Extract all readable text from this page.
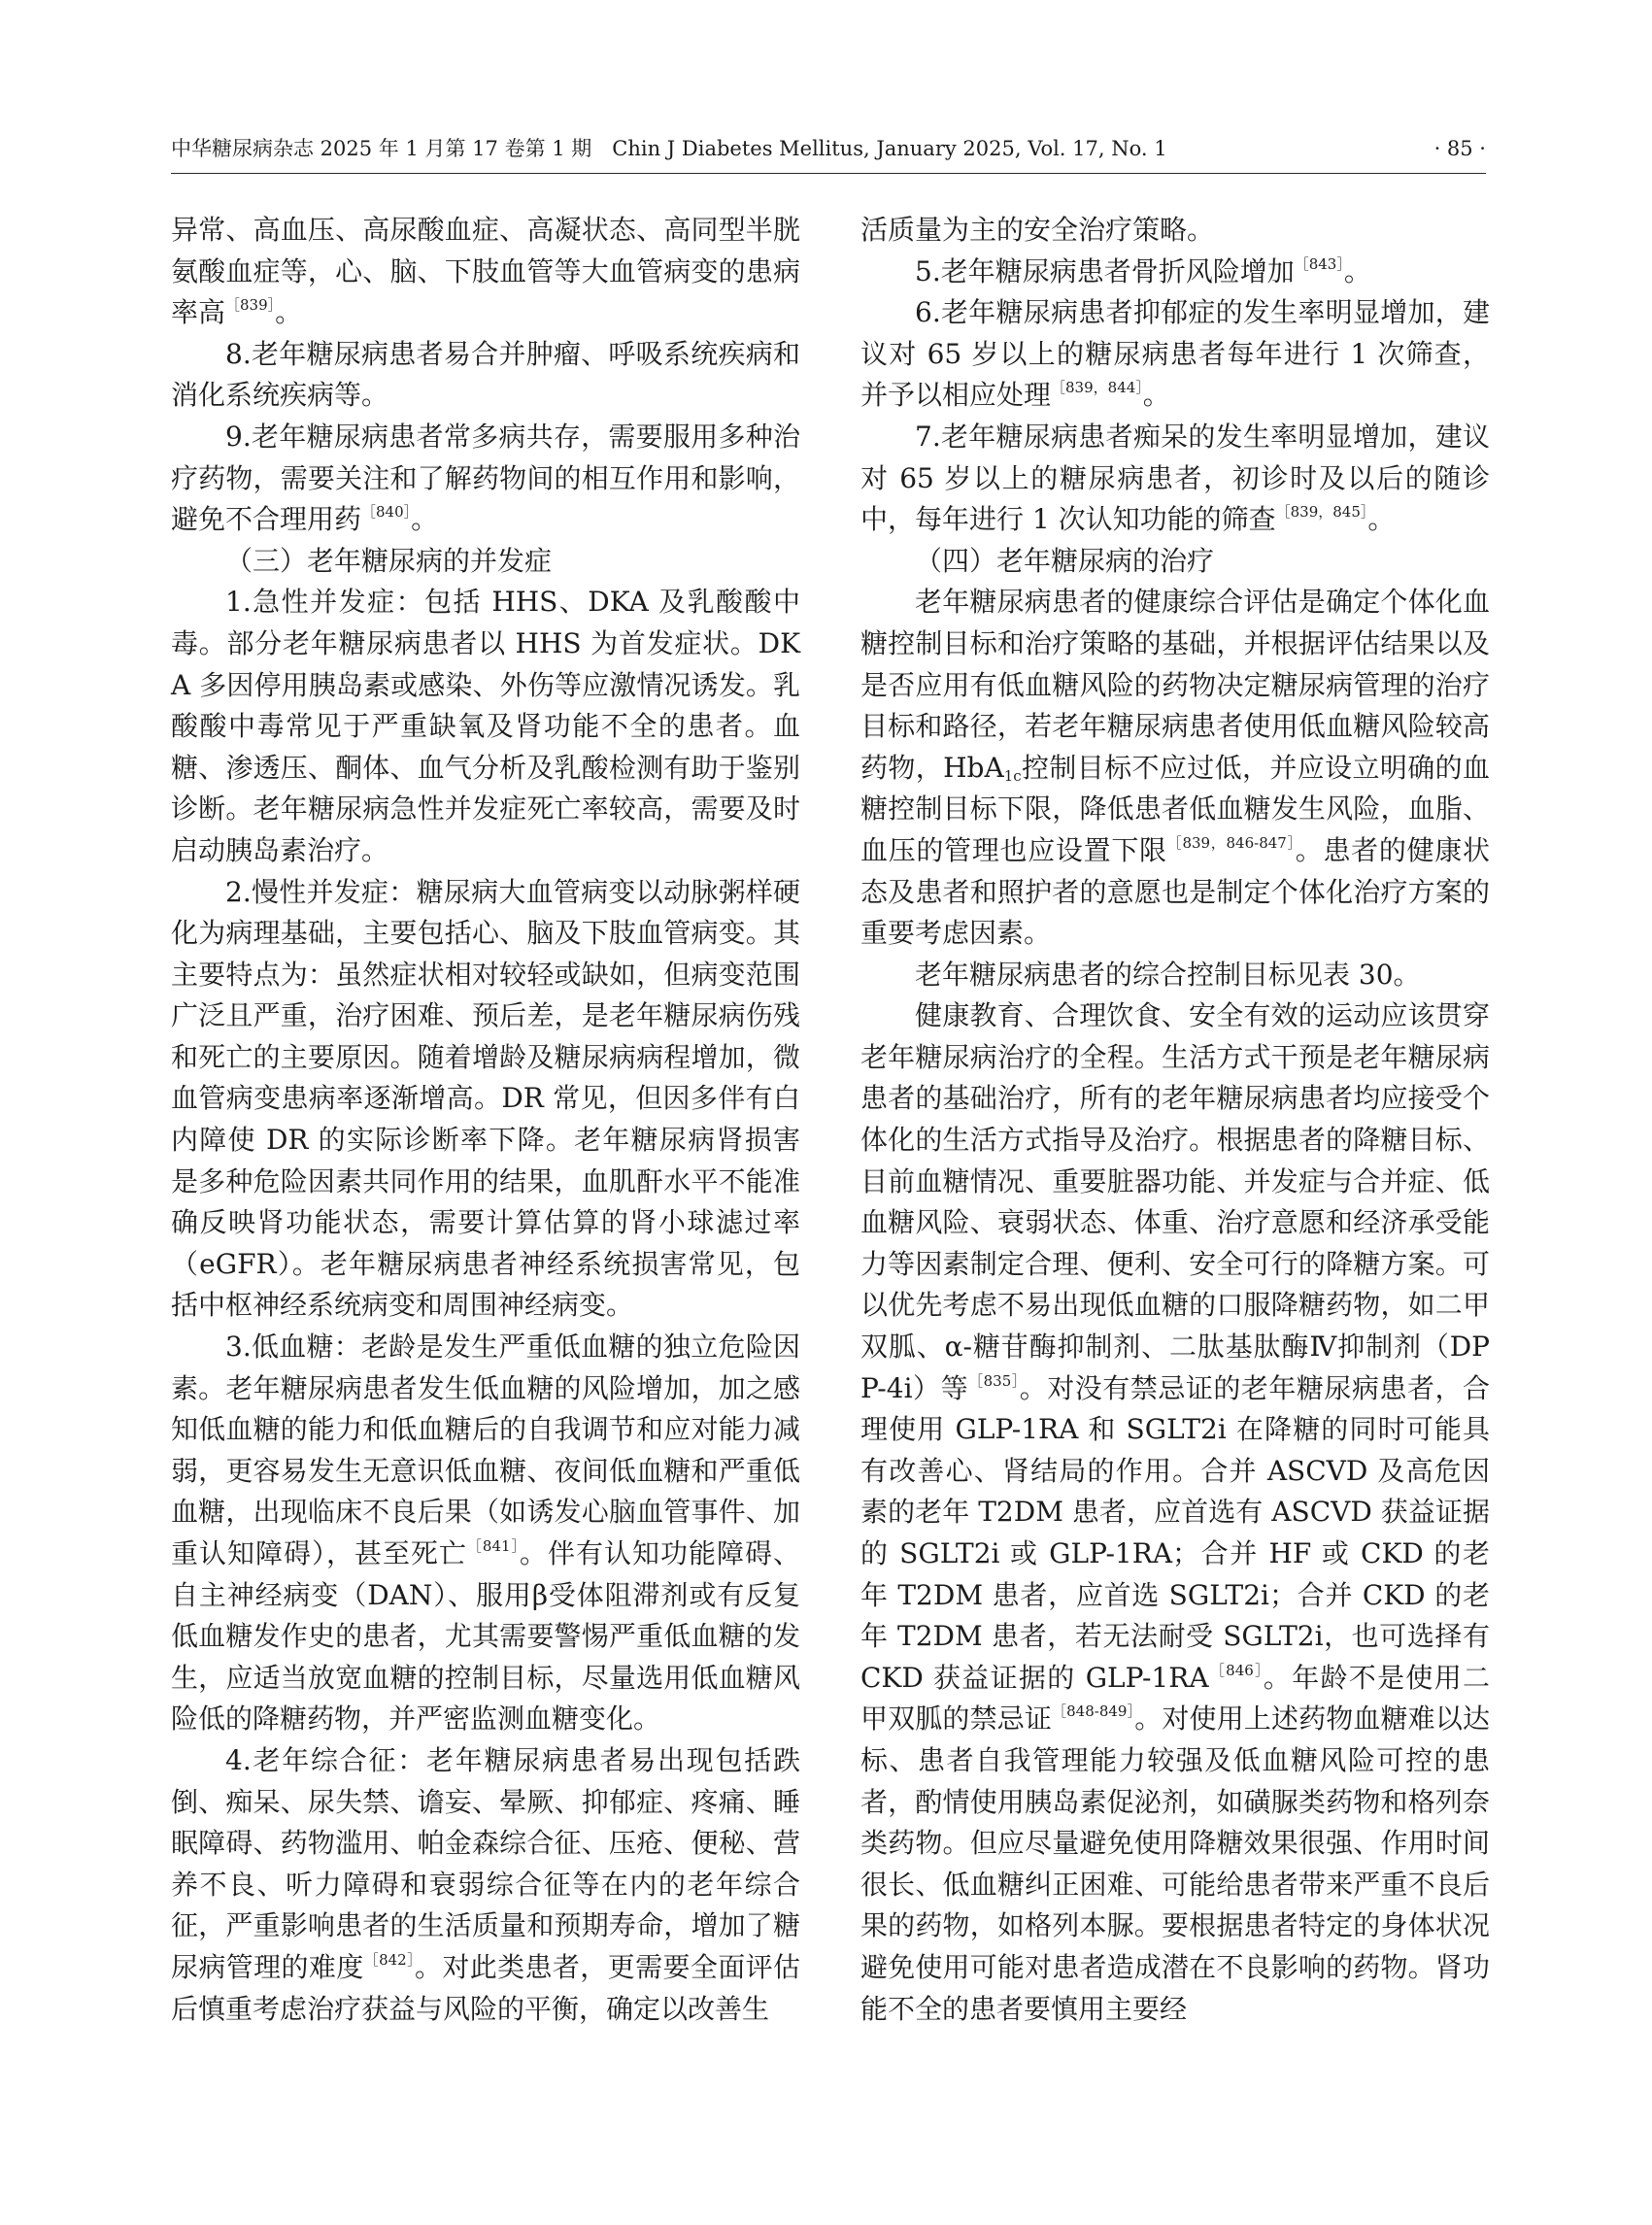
中华糖尿病杂志 2025 年 1 月第 17 卷第 1 期　Chin J Diabetes Mellitus, January 2025, Vol. 17, No. 1	· 85 ·

异常、高血压、高尿酸血症、高凝状态、高同型半胱氨酸血症等，心、脑、下肢血管等大血管病变的患病率高$^{[839]}$。

8.老年糖尿病患者易合并肿瘤、呼吸系统疾病和消化系统疾病等。

9.老年糖尿病患者常多病共存，需要服用多种治疗药物，需要关注和了解药物间的相互作用和影响，避免不合理用药$^{[840]}$。

（三）老年糖尿病的并发症

1.急性并发症：包括 HHS、DKA 及乳酸酸中毒。部分老年糖尿病患者以 HHS 为首发症状。DKA 多因停用胰岛素或感染、外伤等应激情况诱发。乳酸酸中毒常见于严重缺氧及肾功能不全的患者。血糖、渗透压、酮体、血气分析及乳酸检测有助于鉴别诊断。老年糖尿病急性并发症死亡率较高，需要及时启动胰岛素治疗。

2.慢性并发症：糖尿病大血管病变以动脉粥样硬化为病理基础，主要包括心、脑及下肢血管病变。其主要特点为：虽然症状相对较轻或缺如，但病变范围广泛且严重，治疗困难、预后差，是老年糖尿病伤残和死亡的主要原因。随着增龄及糖尿病病程增加，微血管病变患病率逐渐增高。DR 常见，但因多伴有白内障使 DR 的实际诊断率下降。老年糖尿病肾损害是多种危险因素共同作用的结果，血肌酐水平不能准确反映肾功能状态，需要计算估算的肾小球滤过率（eGFR）。老年糖尿病患者神经系统损害常见，包括中枢神经系统病变和周围神经病变。

3.低血糖：老龄是发生严重低血糖的独立危险因素。老年糖尿病患者发生低血糖的风险增加，加之感知低血糖的能力和低血糖后的自我调节和应对能力减弱，更容易发生无意识低血糖、夜间低血糖和严重低血糖，出现临床不良后果（如诱发心脑血管事件、加重认知障碍），甚至死亡$^{[841]}$。伴有认知功能障碍、自主神经病变（DAN）、服用β受体阻滞剂或有反复低血糖发作史的患者，尤其需要警惕严重低血糖的发生，应适当放宽血糖的控制目标，尽量选用低血糖风险低的降糖药物，并严密监测血糖变化。

4.老年综合征：老年糖尿病患者易出现包括跌倒、痴呆、尿失禁、谵妄、晕厥、抑郁症、疼痛、睡眠障碍、药物滥用、帕金森综合征、压疮、便秘、营养不良、听力障碍和衰弱综合征等在内的老年综合征，严重影响患者的生活质量和预期寿命，增加了糖尿病管理的难度$^{[842]}$。对此类患者，更需要全面评估后慎重考虑治疗获益与风险的平衡，确定以改善生

活质量为主的安全治疗策略。

5.老年糖尿病患者骨折风险增加$^{[843]}$。

6.老年糖尿病患者抑郁症的发生率明显增加，建议对 65 岁以上的糖尿病患者每年进行 1 次筛查，并予以相应处理$^{[839,844]}$。

7.老年糖尿病患者痴呆的发生率明显增加，建议对 65 岁以上的糖尿病患者，初诊时及以后的随诊中，每年进行 1 次认知功能的筛查$^{[839,845]}$。

（四）老年糖尿病的治疗

老年糖尿病患者的健康综合评估是确定个体化血糖控制目标和治疗策略的基础，并根据评估结果以及是否应用有低血糖风险的药物决定糖尿病管理的治疗目标和路径，若老年糖尿病患者使用低血糖风险较高药物，HbA$_{1c}$控制目标不应过低，并应设立明确的血糖控制目标下限，降低患者低血糖发生风险，血脂、血压的管理也应设置下限$^{[839,846-847]}$。患者的健康状态及患者和照护者的意愿也是制定个体化治疗方案的重要考虑因素。

老年糖尿病患者的综合控制目标见表 30。

健康教育、合理饮食、安全有效的运动应该贯穿老年糖尿病治疗的全程。生活方式干预是老年糖尿病患者的基础治疗，所有的老年糖尿病患者均应接受个体化的生活方式指导及治疗。根据患者的降糖目标、目前血糖情况、重要脏器功能、并发症与合并症、低血糖风险、衰弱状态、体重、治疗意愿和经济承受能力等因素制定合理、便利、安全可行的降糖方案。可以优先考虑不易出现低血糖的口服降糖药物，如二甲双胍、α-糖苷酶抑制剂、二肽基肽酶Ⅳ抑制剂（DPP-4i）等$^{[835]}$。对没有禁忌证的老年糖尿病患者，合理使用 GLP-1RA 和 SGLT2i 在降糖的同时可能具有改善心、肾结局的作用。合并 ASCVD 及高危因素的老年 T2DM 患者，应首选有 ASCVD 获益证据的 SGLT2i 或 GLP-1RA；合并 HF 或 CKD 的老年 T2DM 患者，应首选 SGLT2i；合并 CKD 的老年 T2DM 患者，若无法耐受 SGLT2i，也可选择有 CKD 获益证据的 GLP-$1RA^{[846]}$。年龄不是使用二甲双胍的禁忌证$^{[848-849]}$。对使用上述药物血糖难以达标、患者自我管理能力较强及低血糖风险可控的患者，酌情使用胰岛素促泌剂，如磺脲类药物和格列奈类药物。但应尽量避免使用降糖效果很强、作用时间很长、低血糖纠正困难、可能给患者带来严重不良后果的药物，如格列本脲。要根据患者特定的身体状况避免使用可能对患者造成潜在不良影响的药物。肾功能不全的患者要慎用主要经
